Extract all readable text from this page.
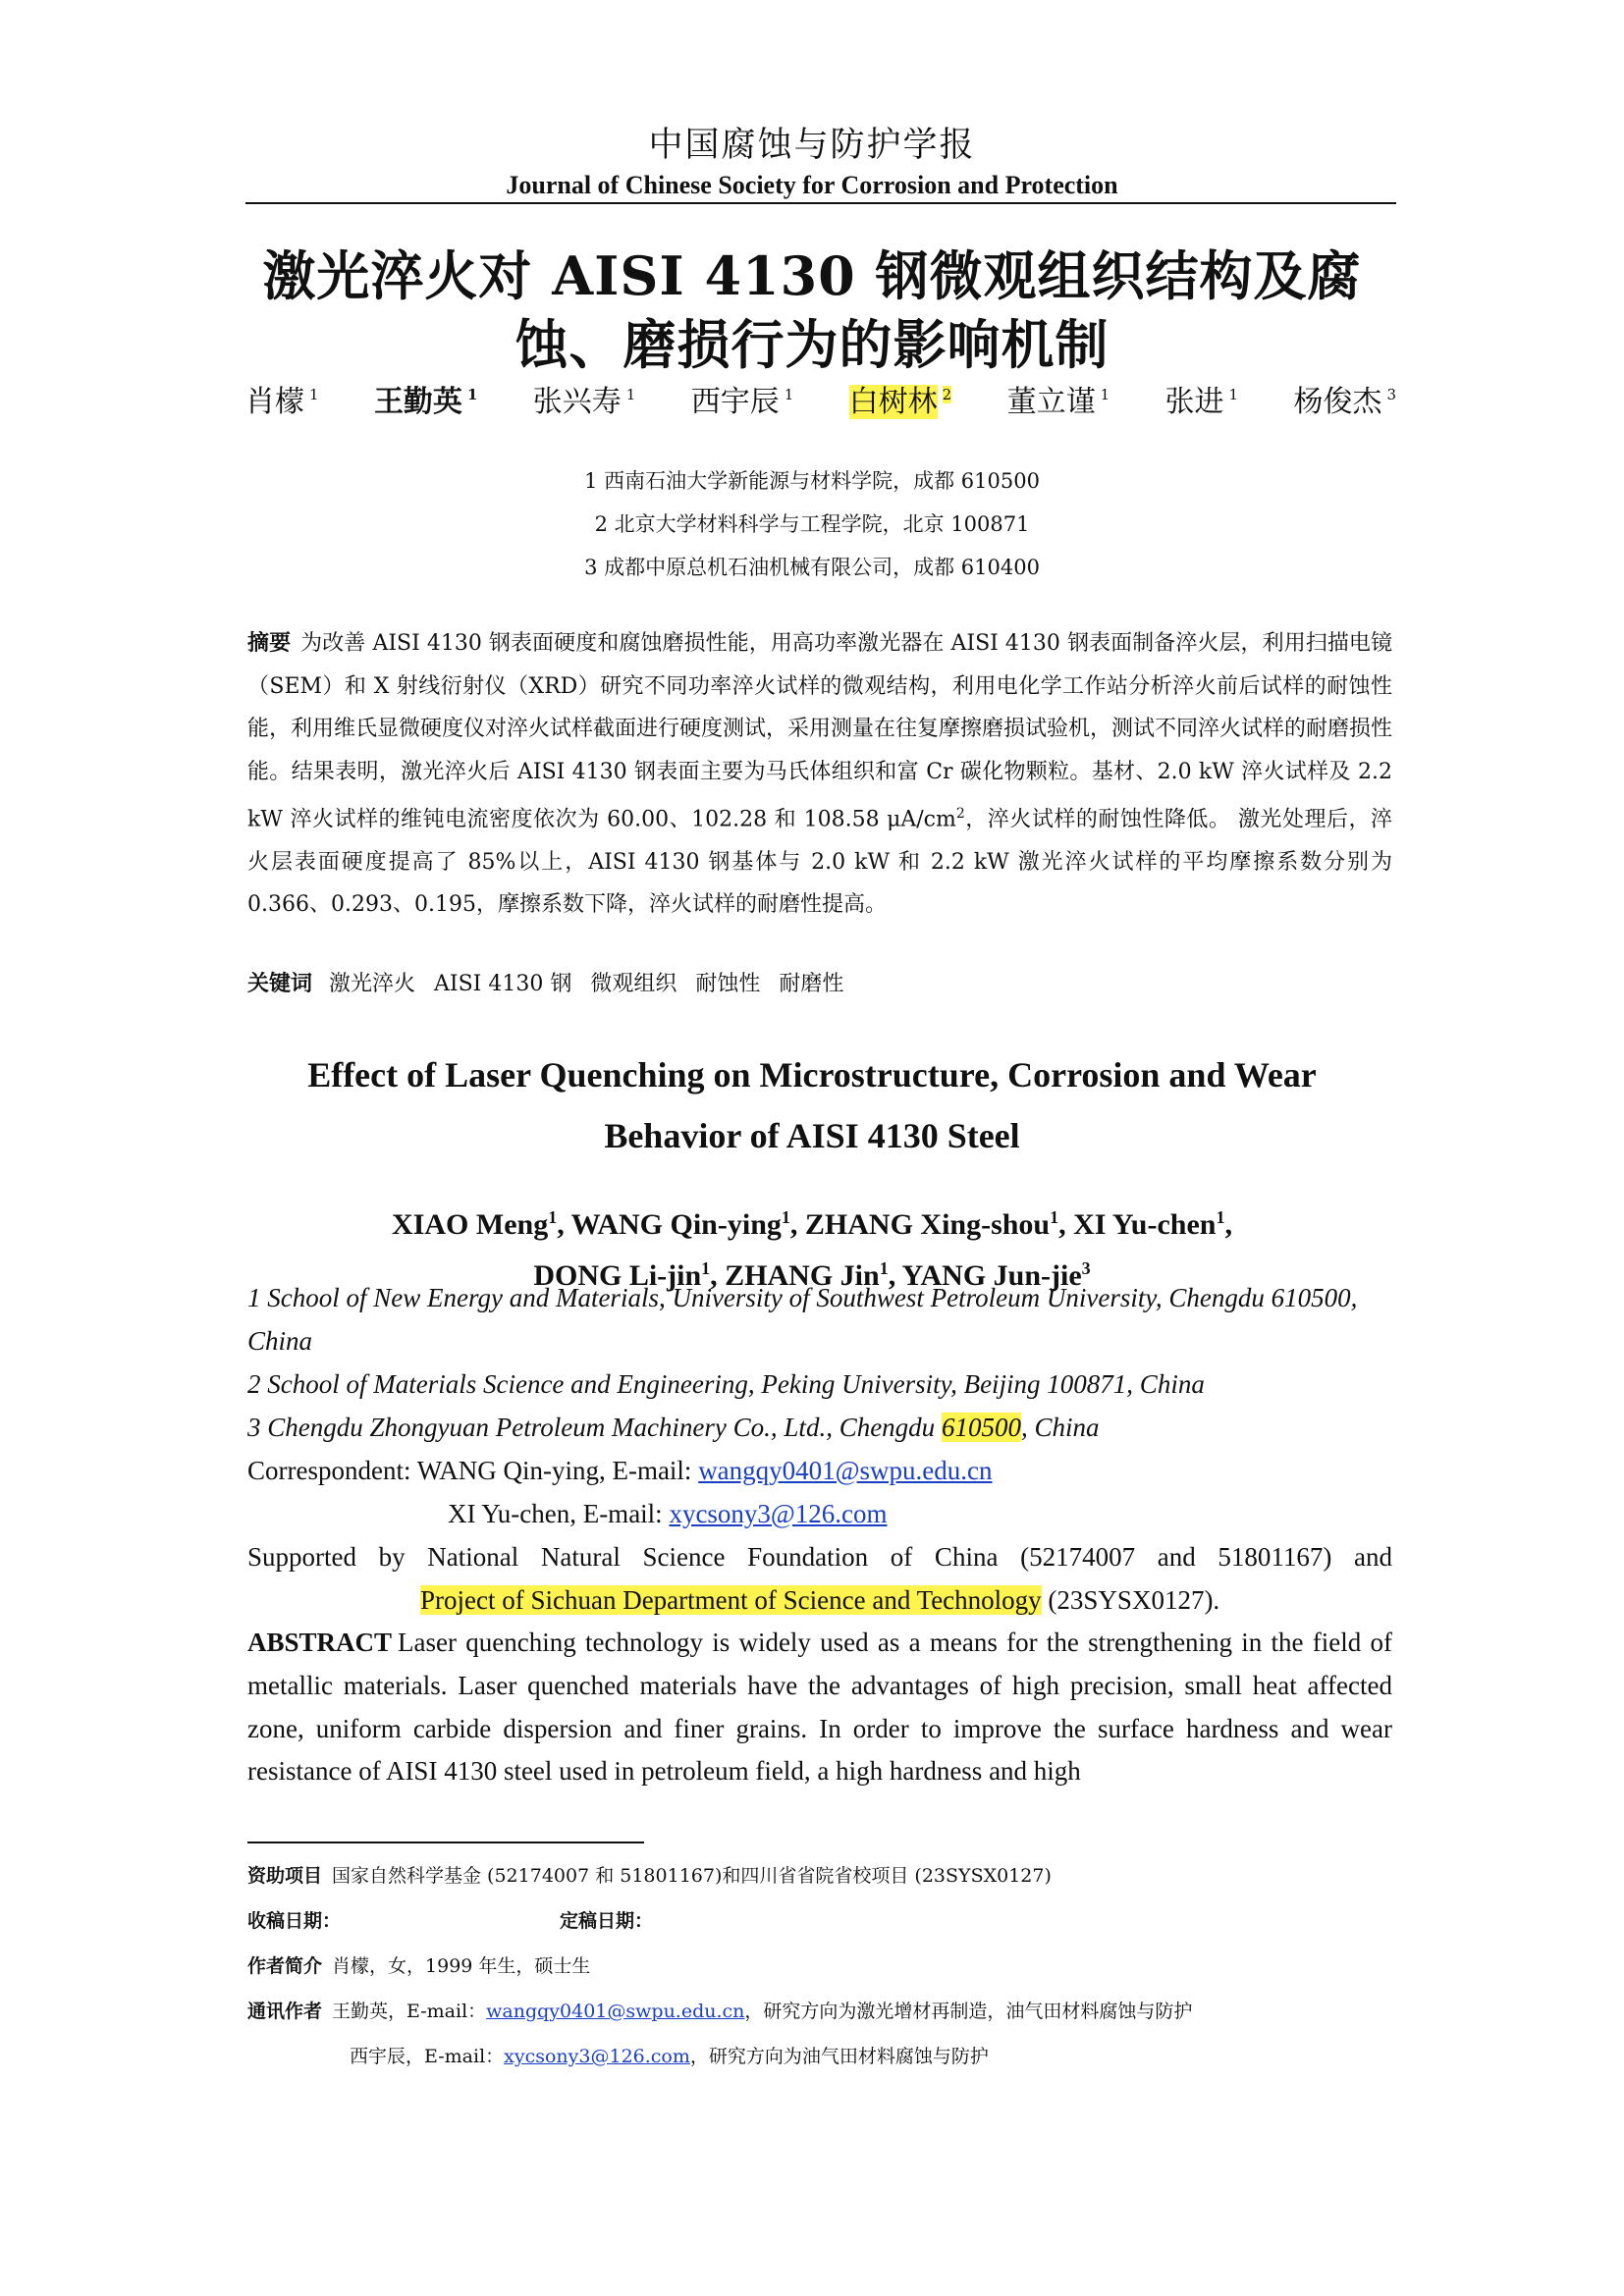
中国腐蚀与防护学报
Journal of Chinese Society for Corrosion and Protection
激光淬火对 AISI 4130 钢微观组织结构及腐
蚀、磨损行为的影响机制
肖檬 $^1$ 王勤英 $^1$ 张兴寿 $^1$ 西宇辰 $^1$ 白树林 $^2$ 董立谨 $^1$ 张进 $^1$ 杨俊杰 $^3$
1 西南石油大学新能源与材料学院，成都 610500
2 北京大学材料科学与工程学院，北京 100871
3 成都中原总机石油机械有限公司，成都 610400
摘要 为改善 AISI 4130 钢表面硬度和腐蚀磨损性能，用高功率激光器在 AISI 4130 钢表面制备淬火层，利用扫描电镜（SEM）和 X 射线衍射仪（XRD）研究不同功率淬火试样的微观结构，利用电化学工作站分析淬火前后试样的耐蚀性能，利用维氏显微硬度仪对淬火试样截面进行硬度测试，采用测量在往复摩擦磨损试验机，测试不同淬火试样的耐磨损性能。结果表明，激光淬火后 AISI 4130 钢表面主要为马氏体组织和富 Cr 碳化物颗粒。基材、2.0 kW 淬火试样及 2.2 kW 淬火试样的维钝电流密度依次为 60.00、102.28 和 108.58 $\mu A/cm^2$，淬火试样的耐蚀性降低。 激光处理后，淬火层表面硬度提高了 85%以上，AISI 4130 钢基体与 2.0 kW 和 2.2 kW 激光淬火试样的平均摩擦系数分别为 0.366、0.293、0.195，摩擦系数下降，淬火试样的耐磨性提高。
关键词 激光淬火 AISI 4130 钢 微观组织 耐蚀性 耐磨性
Effect of Laser Quenching on Microstructure, Corrosion and Wear
Behavior of AISI 4130 Steel
XIAO Meng$^1$, WANG Qin-ying$^1$, ZHANG Xing-shou$^1$, XI Yu-chen$^1$,
DONG Li-jin$^1$, ZHANG Jin$^1$, YANG Jun-jie$^3$
1 School of New Energy and Materials, University of Southwest Petroleum University, Chengdu 610500, China
2 School of Materials Science and Engineering, Peking University, Beijing 100871, China
3 Chengdu Zhongyuan Petroleum Machinery Co., Ltd., Chengdu 610500, China
Correspondent: WANG Qin-ying, E-mail: wangqy0401@swpu.edu.cn
XI Yu-chen, E-mail: xycsony3@126.com
Supported by National Natural Science Foundation of China (52174007 and 51801167) and
Project of Sichuan Department of Science and Technology (23SYSX0127).
ABSTRACT Laser quenching technology is widely used as a means for the strengthening in the field of metallic materials. Laser quenched materials have the advantages of high precision, small heat affected zone, uniform carbide dispersion and finer grains. In order to improve the surface hardness and wear resistance of AISI 4130 steel used in petroleum field, a high hardness and high
资助项目 国家自然科学基金 (52174007 和 51801167)和四川省省院省校项目 (23SYSX0127)
收稿日期：	定稿日期：
作者简介 肖檬，女，1999 年生，硕士生
通讯作者 王勤英，E-mail：wangqy0401@swpu.edu.cn，研究方向为激光增材再制造，油气田材料腐蚀与防护
西宇辰，E-mail：xycsony3@126.com，研究方向为油气田材料腐蚀与防护
